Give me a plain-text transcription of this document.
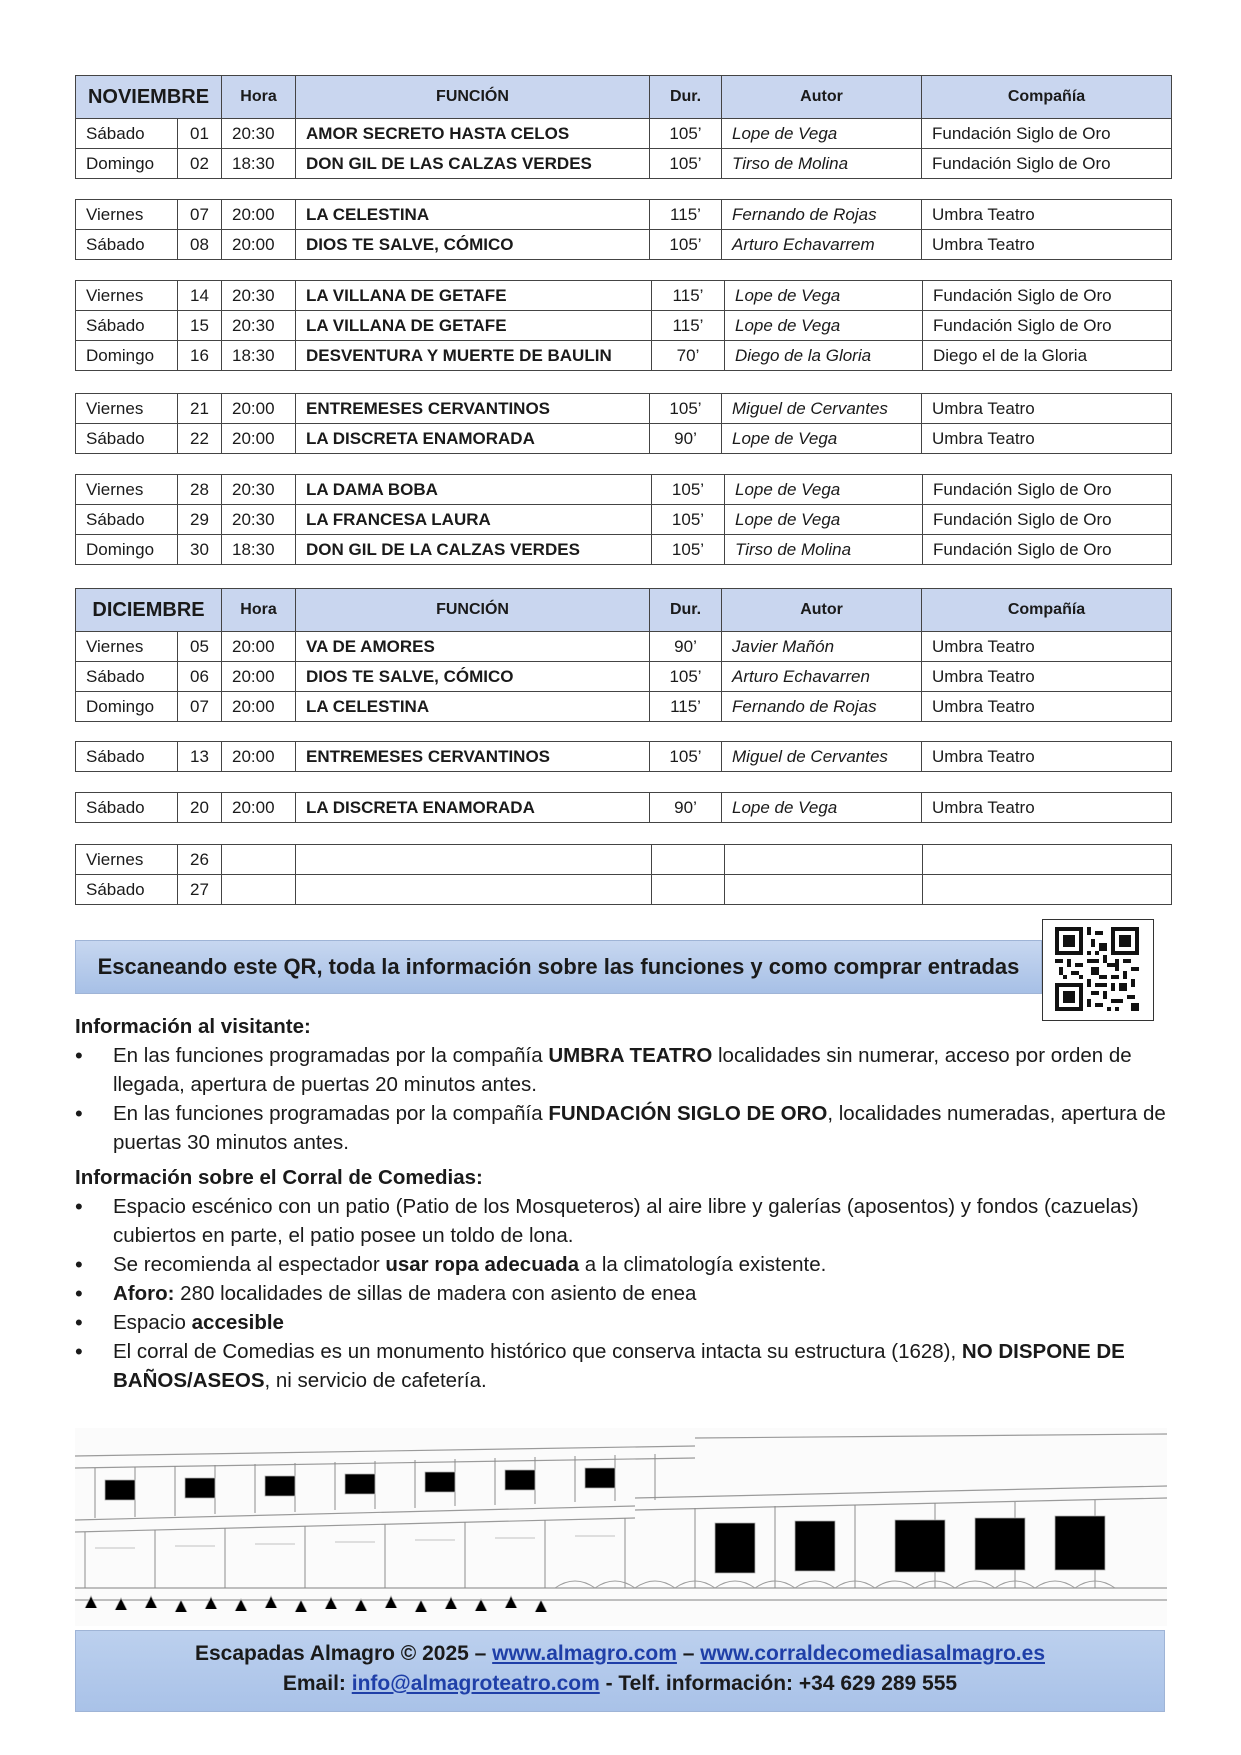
NOVIEMBRE		Hora	FUNCIÓN	Dur.	Autor	Compañía
Sábado	01	20:30	AMOR SECRETO HASTA CELOS	105’	Lope de Vega	Fundación Siglo de Oro
Domingo	02	18:30	DON GIL DE LAS CALZAS VERDES	105’	Tirso de Molina	Fundación Siglo de Oro
Viernes	07	20:00	LA CELESTINA	115’	Fernando de Rojas	Umbra Teatro
Sábado	08	20:00	DIOS TE SALVE, CÓMICO	105’	Arturo Echavarrem	Umbra Teatro
Viernes	14	20:30	LA VILLANA DE GETAFE	115’	Lope de Vega	Fundación Siglo de Oro
Sábado	15	20:30	LA VILLANA DE GETAFE	115’	Lope de Vega	Fundación Siglo de Oro
Domingo	16	18:30	DESVENTURA Y MUERTE DE BAULIN	70’	Diego de la Gloria	Diego el de la Gloria
Viernes	21	20:00	ENTREMESES CERVANTINOS	105’	Miguel de Cervantes	Umbra Teatro
Sábado	22	20:00	LA DISCRETA ENAMORADA	90’	Lope de Vega	Umbra Teatro
Viernes	28	20:30	LA DAMA BOBA	105’	Lope de Vega	Fundación Siglo de Oro
Sábado	29	20:30	LA FRANCESA LAURA	105’	Lope de Vega	Fundación Siglo de Oro
Domingo	30	18:30	DON GIL DE LA CALZAS VERDES	105’	Tirso de Molina	Fundación Siglo de Oro
DICIEMBRE		Hora	FUNCIÓN	Dur.	Autor	Compañía
Viernes	05	20:00	VA DE AMORES	90’	Javier Mañón	Umbra Teatro
Sábado	06	20:00	DIOS TE SALVE, CÓMICO	105’	Arturo Echavarren	Umbra Teatro
Domingo	07	20:00	LA CELESTINA	115’	Fernando de Rojas	Umbra Teatro
Sábado	13	20:00	ENTREMESES CERVANTINOS	105’	Miguel de Cervantes	Umbra Teatro
Sábado	20	20:00	LA DISCRETA ENAMORADA	90’	Lope de Vega	Umbra Teatro
Viernes	26					
Sábado	27					
Escaneando este QR, toda la información sobre las funciones y como comprar entradas
Información al visitante:
• En las funciones programadas por la compañía UMBRA TEATRO localidades sin numerar, acceso por orden de llegada, apertura de puertas 20 minutos antes.
• En las funciones programadas por la compañía FUNDACIÓN SIGLO DE ORO, localidades numeradas, apertura de puertas 30 minutos antes.
Información sobre el Corral de Comedias:
• Espacio escénico con un patio (Patio de los Mosqueteros) al aire libre y galerías (aposentos) y fondos (cazuelas) cubiertos en parte, el patio posee un toldo de lona.
• Se recomienda al espectador usar ropa adecuada a la climatología existente.
• Aforo: 280 localidades de sillas de madera con asiento de enea
• Espacio accesible
• El corral de Comedias es un monumento histórico que conserva intacta su estructura (1628), NO DISPONE DE BAÑOS/ASEOS, ni servicio de cafetería.
Escapadas Almagro © 2025 – www.almagro.com – www.corraldecomediasalmagro.es
Email: info@almagroteatro.com - Telf. información: +34 629 289 555
